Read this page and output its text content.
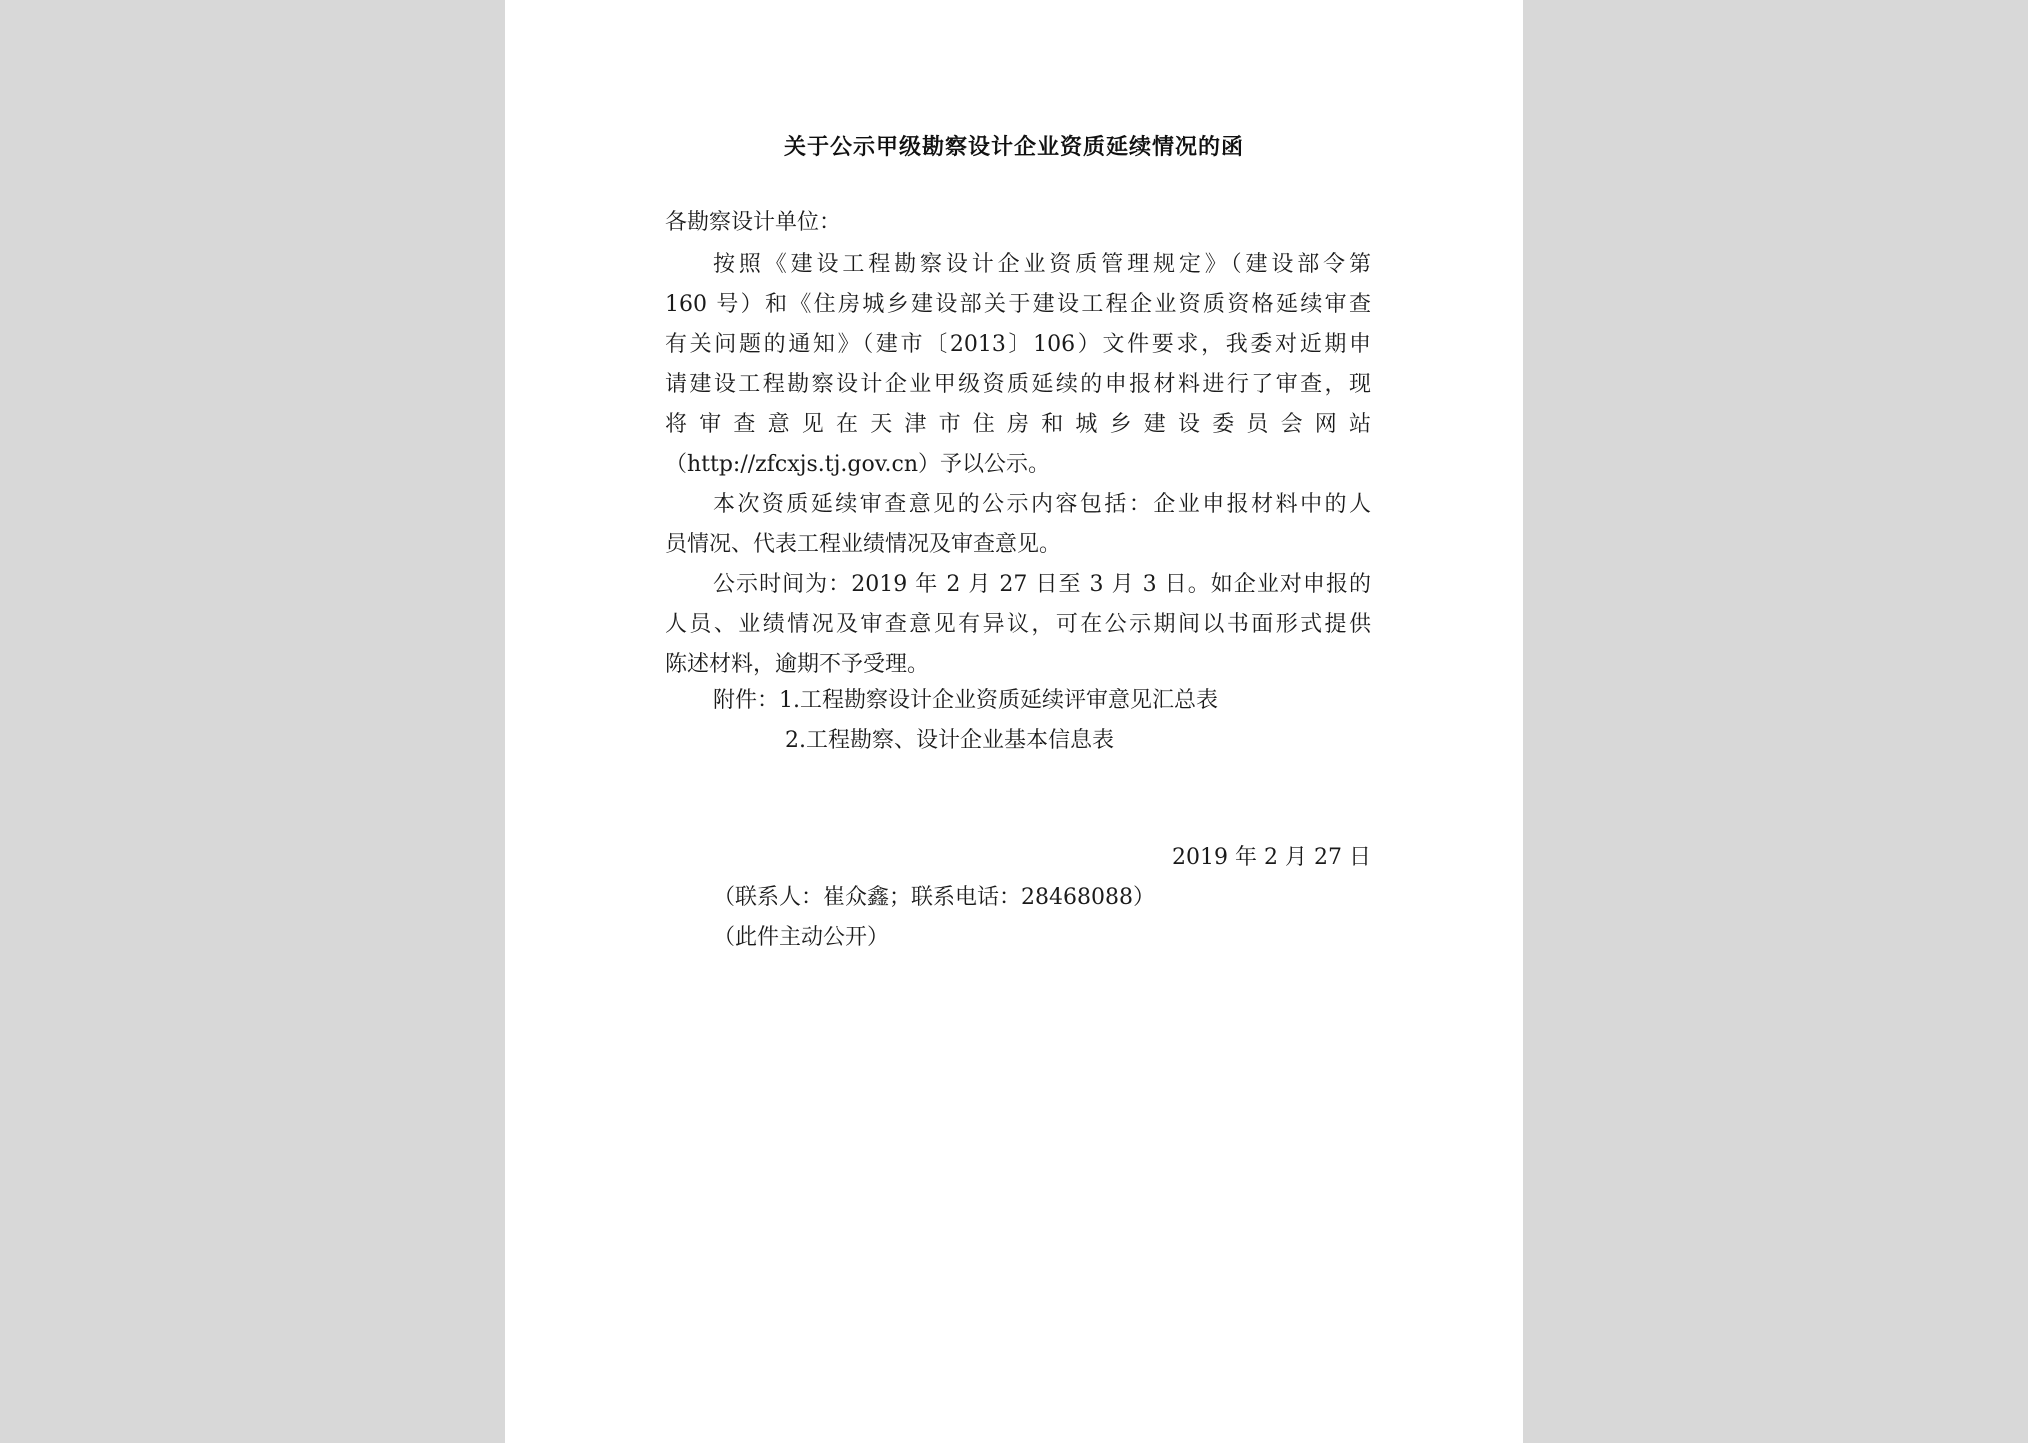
关于公示甲级勘察设计企业资质延续情况的函
各勘察设计单位：
按照《建设工程勘察设计企业资质管理规定》（建设部令第
160 号）和《住房城乡建设部关于建设工程企业资质资格延续审查
有关问题的通知》（建市〔2013〕106）文件要求，我委对近期申
请建设工程勘察设计企业甲级资质延续的申报材料进行了审查，现
将审查意见在天津市住房和城乡建设委员会网站
（http://zfcxjs.tj.gov.cn）予以公示。
本次资质延续审查意见的公示内容包括：企业申报材料中的人
员情况、代表工程业绩情况及审查意见。
公示时间为：2019 年 2 月 27 日至 3 月 3 日。如企业对申报的
人员、业绩情况及审查意见有异议，可在公示期间以书面形式提供
陈述材料，逾期不予受理。
附件：1.工程勘察设计企业资质延续评审意见汇总表
2.工程勘察、设计企业基本信息表
2019 年 2 月 27 日
（联系人：崔众鑫；联系电话：28468088）
（此件主动公开）
